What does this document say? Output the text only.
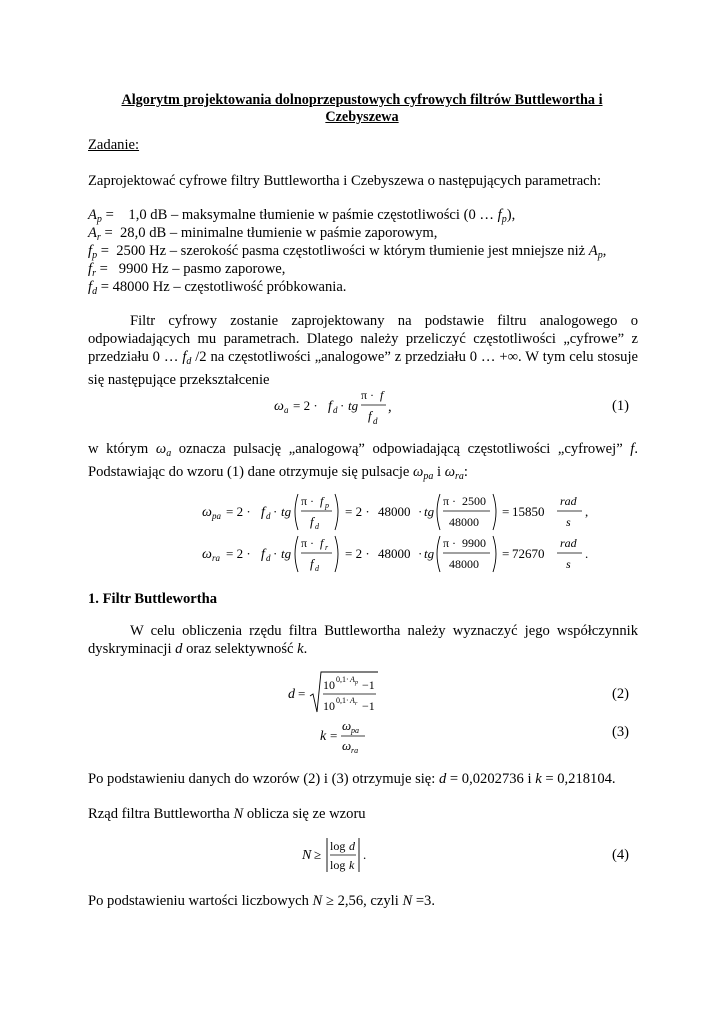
Algorytm projektowania dolnoprzepustowych cyfrowych filtrów Buttlewortha i
Czebyszewa
Zadanie:
Zaprojektować cyfrowe filtry Buttlewortha i Czebyszewa o następujących parametrach:
$A_p$ =    1,0 dB – maksymalne tłumienie w paśmie częstotliwości (0 … $f_p$),
$A_r = 28,0$ dB – minimalne tłumienie w paśmie zaporowym,
$f_p = 2500$ Hz – szerokość pasma częstotliwości w którym tłumienie jest mniejsze niż $A_p$,
$f_r = 9900$ Hz – pasmo zaporowe,
$f_d = 48000$ Hz – częstotliwość próbkowania.
Filtr cyfrowy zostanie zaprojektowany na podstawie filtru analogowego o odpowiadających mu parametrach. Dlatego należy przeliczyć częstotliwości „cyfrowe” z przedziału 0 … $f_d$ /2 na częstotliwości „analogowe” z przedziału 0 … +∞. W tym celu stosuje się następujące przekształcenie
ω a = 2 · f d · tg
π · f
f d
,	(1)
w którym $\omega_a$ oznacza pulsację „analogową” odpowiadającą częstotliwości „cyfrowej” f. Podstawiając do wzoru (1) dane otrzymuje się pulsacje $\omega_{pa}$ i $\omega_{ra}$:
ω pa = 2 · f d · tg
π · f p
f d
= 2 · 48000 · tg
π · 2500
48000
= 15850
rad
s
,
ω ra = 2 · f d · tg
π · f r
f d
= 2 · 48000 · tg
π · 9900
48000
= 72670
rad
s
.
1. Filtr Buttlewortha
W celu obliczenia rzędu filtra Buttlewortha należy wyznaczyć jego współczynnik dyskryminacji d oraz selektywność k.
d =
10 0,1· A p −1
10 0,1· A r −1
(2)
k =
ω pa
ω ra
(3)
Po podstawieniu danych do wzorów (2) i (3) otrzymuje się: d = 0,0202736 i k = 0,218104.
Rząd filtra Buttlewortha N oblicza się ze wzoru
N ≥
log d
log k
.	(4)
Po podstawieniu wartości liczbowych N ≥ 2,56, czyli N =3.
